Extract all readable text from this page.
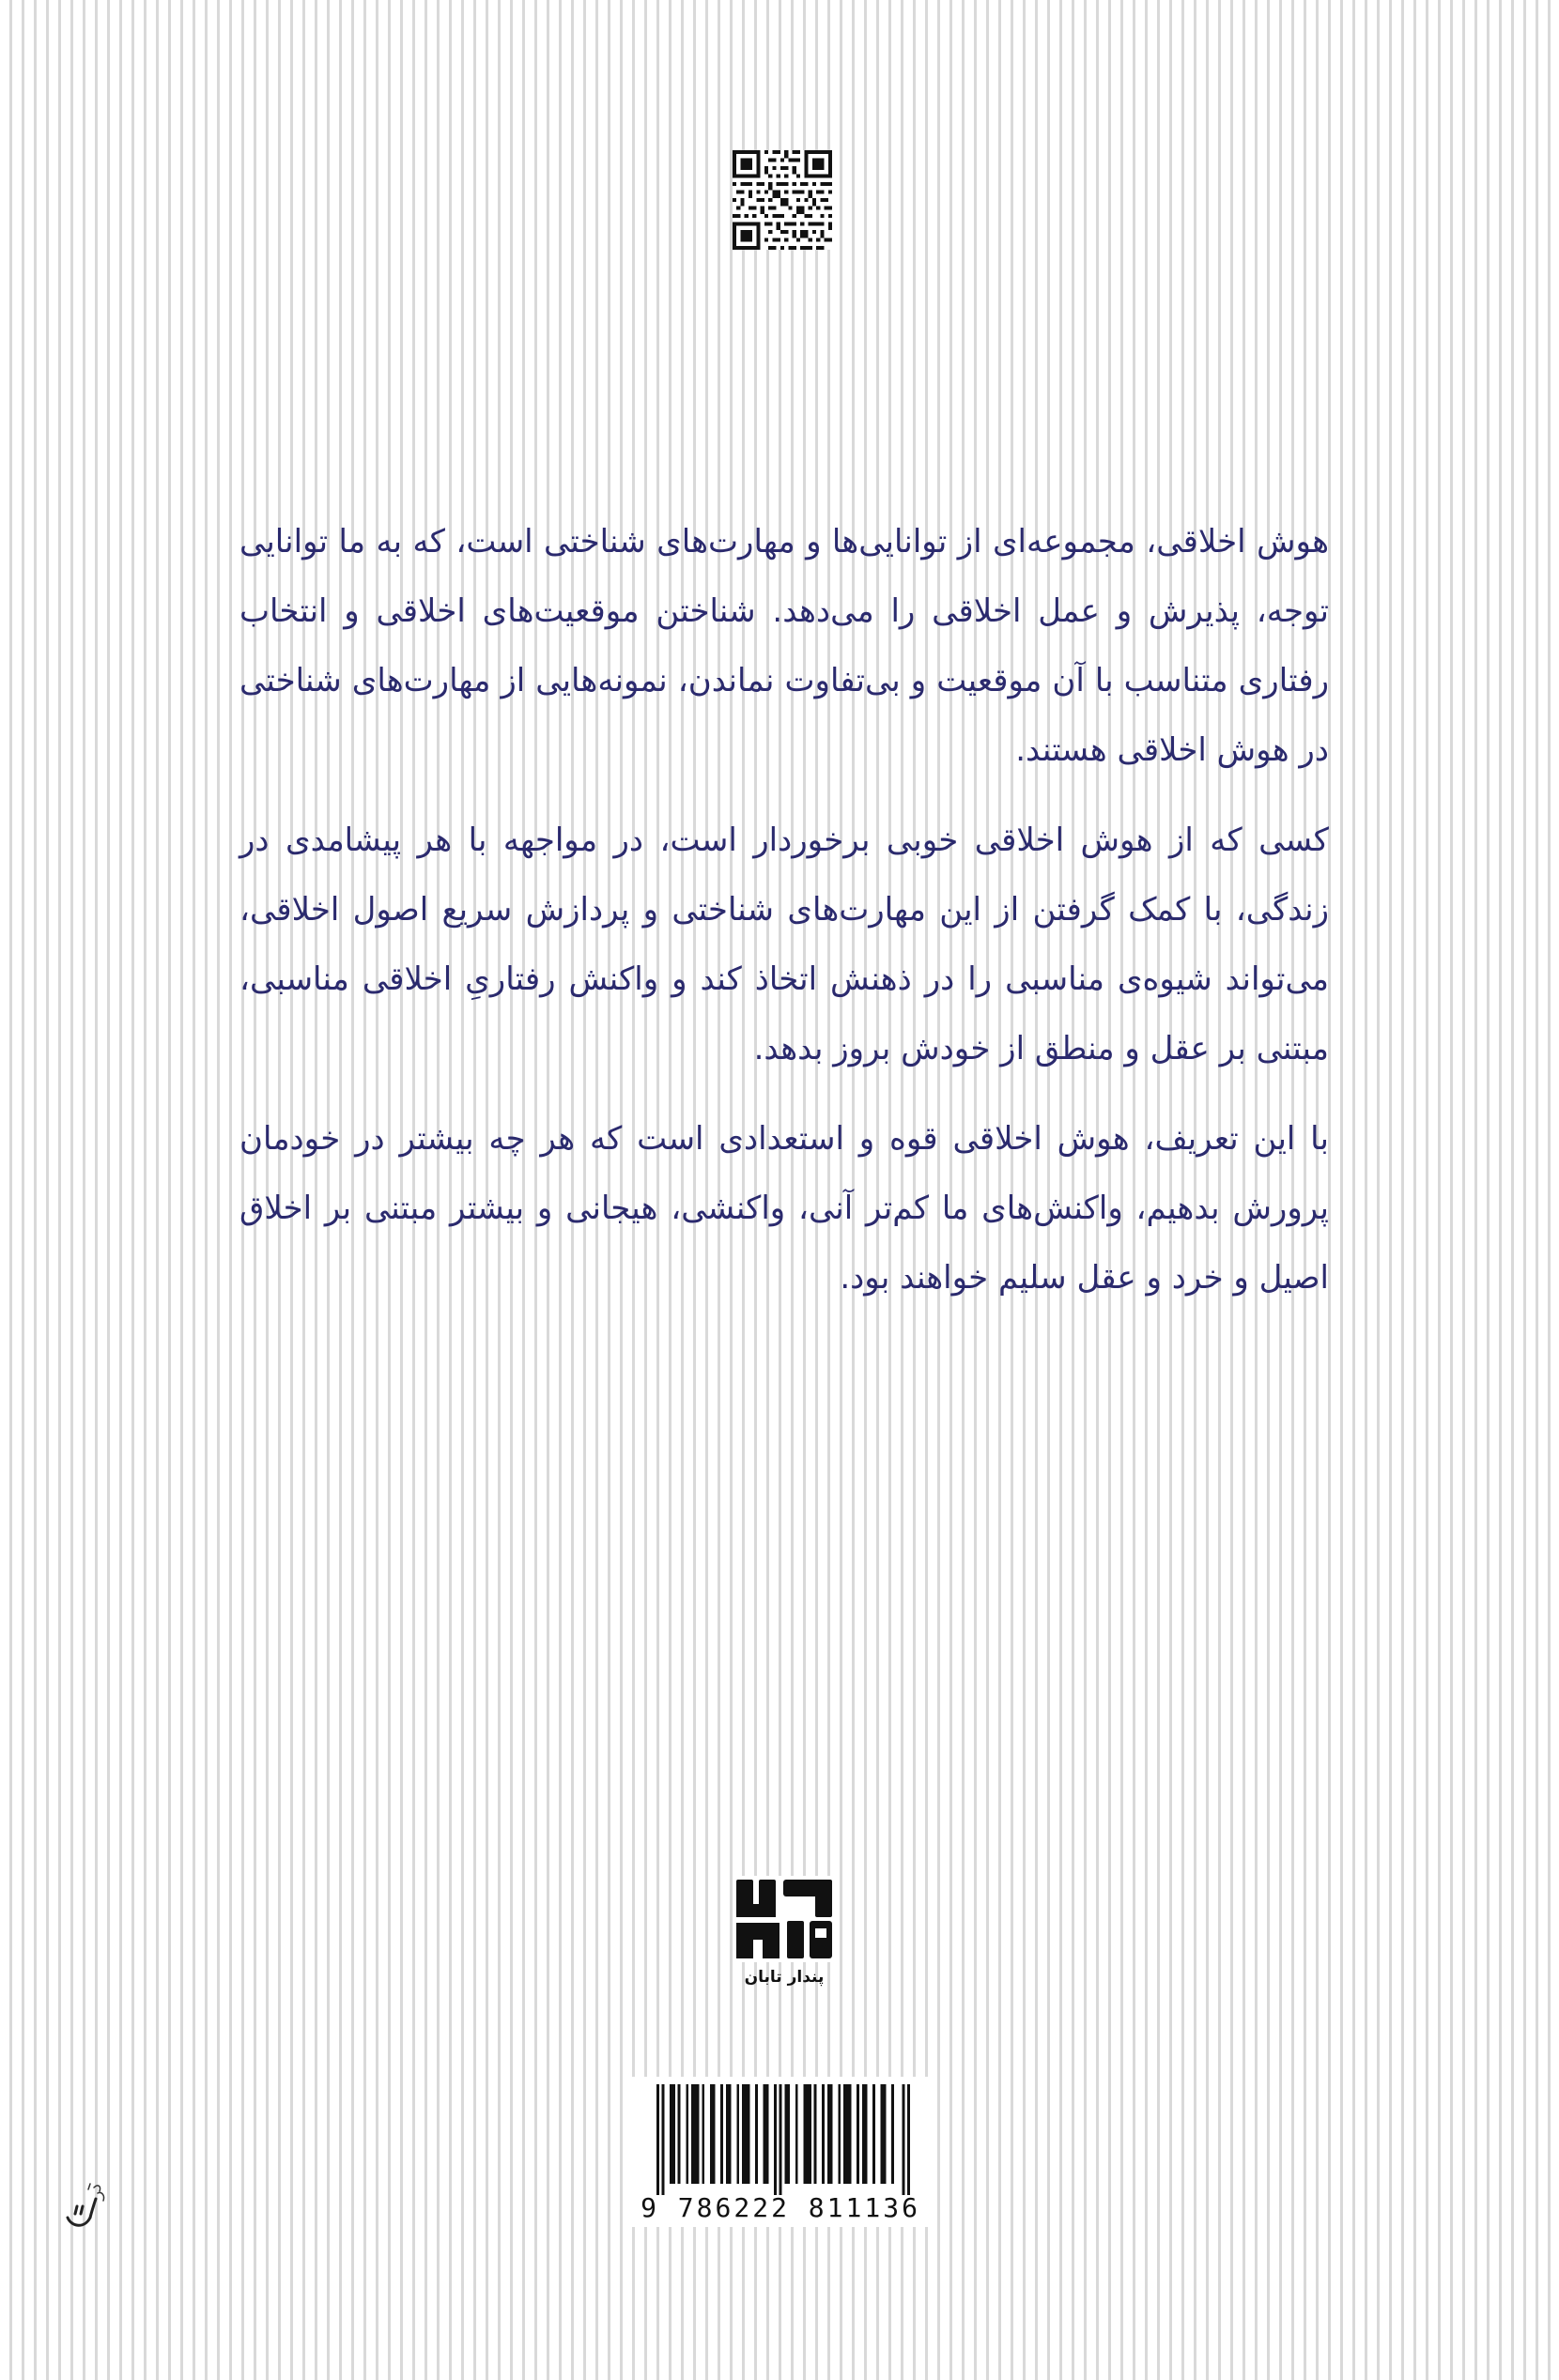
هوش اخلاقی، مجموعه‌ای از توانایی‌ها و مهارت‌های شناختی است، که به ما توانایی توجه، پذیرش و عمل اخلاقی را می‌دهد. شناختن موقعیت‌های اخلاقی و انتخاب رفتاری متناسب با آن موقعیت و بی‌تفاوت نماندن، نمونه‌هایی از مهارت‌های شناختی در هوش اخلاقی هستند.

کسی که از هوش اخلاقی خوبی برخوردار است، در مواجهه با هر پیشامدی در زندگی، با کمک گرفتن از این مهارت‌های شناختی و پردازش سریع اصول اخلاقی، می‌تواند شیوه‌ی مناسبی را در ذهنش اتخاذ کند و واکنش رفتاریِ اخلاقی مناسبی، مبتنی بر عقل و منطق از خودش بروز بدهد.

با این تعریف، هوش اخلاقی قوه و استعدادی است که هر چه بیشتر در خودمان پرورش بدهیم، واکنش‌های ما کم‌تر آنی، واکنشی، هیجانی و بیشتر مبتنی بر اخلاق اصیل و خرد و عقل سلیم خواهند بود.

پندار تابان
9 786222 811136
